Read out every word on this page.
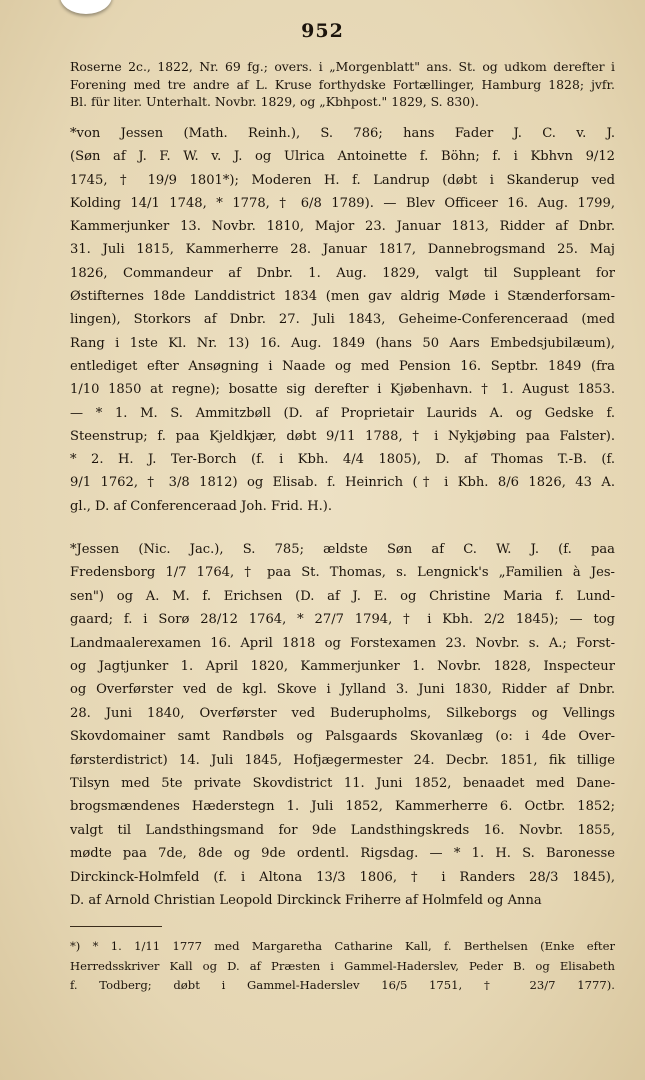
952
Roserne 2c., 1822, Nr. 69 fg.; overs. i „Morgenblatt" ans. St. og udkom derefter i
Forening med tre andre af L. Kruse forthydske Fortællinger, Hamburg 1828; jvfr.
Bl. für liter. Unterhalt. Novbr. 1829, og „Kbhpost." 1829, S. 830).
*von Jessen (Math. Reinh.), S. 786; hans Fader J. C. v. J.
(Søn af J. F. W. v. J. og Ulrica Antoinette f. Böhn; f. i Kbhvn 9/12
1745, † 19/9 1801*); Moderen H. f. Landrup (døbt i Skanderup ved
Kolding 14/1 1748, * 1778, † 6/8 1789). — Blev Officeer 16. Aug. 1799,
Kammerjunker 13. Novbr. 1810, Major 23. Januar 1813, Ridder af Dnbr.
31. Juli 1815, Kammerherre 28. Januar 1817, Dannebrogsmand 25. Maj
1826, Commandeur af Dnbr. 1. Aug. 1829, valgt til Suppleant for
Østifternes 18de Landdistrict 1834 (men gav aldrig Møde i Stænderforsam-
lingen), Storkors af Dnbr. 27. Juli 1843, Geheime-Conferenceraad (med
Rang i 1ste Kl. Nr. 13) 16. Aug. 1849 (hans 50 Aars Embedsjubilæum),
entlediget efter Ansøgning i Naade og med Pension 16. Septbr. 1849 (fra
1/10 1850 at regne); bosatte sig derefter i Kjøbenhavn. † 1. August 1853.
— * 1. M. S. Ammitzbøll (D. af Proprietair Laurids A. og Gedske f.
Steenstrup; f. paa Kjeldkjær, døbt 9/11 1788, † i Nykjøbing paa Falster).
* 2. H. J. Ter-Borch (f. i Kbh. 4/4 1805), D. af Thomas T.-B. (f.
9/1 1762, † 3/8 1812) og Elisab. f. Heinrich († i Kbh. 8/6 1826, 43 A.
gl., D. af Conferenceraad Joh. Frid. H.).
*Jessen (Nic. Jac.), S. 785; ældste Søn af C. W. J. (f. paa
Fredensborg 1/7 1764, † paa St. Thomas, s. Lengnick's „Familien à Jes-
sen") og A. M. f. Erichsen (D. af J. E. og Christine Maria f. Lund-
gaard; f. i Sorø 28/12 1764, * 27/7 1794, † i Kbh. 2/2 1845); — tog
Landmaalerexamen 16. April 1818 og Forstexamen 23. Novbr. s. A.; Forst-
og Jagtjunker 1. April 1820, Kammerjunker 1. Novbr. 1828, Inspecteur
og Overførster ved de kgl. Skove i Jylland 3. Juni 1830, Ridder af Dnbr.
28. Juni 1840, Overførster ved Buderupholms, Silkeborgs og Vellings
Skovdomainer samt Randbøls og Palsgaards Skovanlæg (o: i 4de Over-
førsterdistrict) 14. Juli 1845, Hofjægermester 24. Decbr. 1851, fik tillige
Tilsyn med 5te private Skovdistrict 11. Juni 1852, benaadet med Dane-
brogsmændenes Hæderstegn 1. Juli 1852, Kammerherre 6. Octbr. 1852;
valgt til Landsthingsmand for 9de Landsthingskreds 16. Novbr. 1855,
mødte paa 7de, 8de og 9de ordentl. Rigsdag. — * 1. H. S. Baronesse
Dirckinck-Holmfeld (f. i Altona 13/3 1806, † i Randers 28/3 1845),
D. af Arnold Christian Leopold Dirckinck Friherre af Holmfeld og Anna
*) * 1. 1/11 1777 med Margaretha Catharine Kall, f. Berthelsen (Enke efter
Herredsskriver Kall og D. af Præsten i Gammel-Haderslev, Peder B. og Elisabeth
f. Todberg; døbt i Gammel-Haderslev 16/5 1751, † 23/7 1777).
